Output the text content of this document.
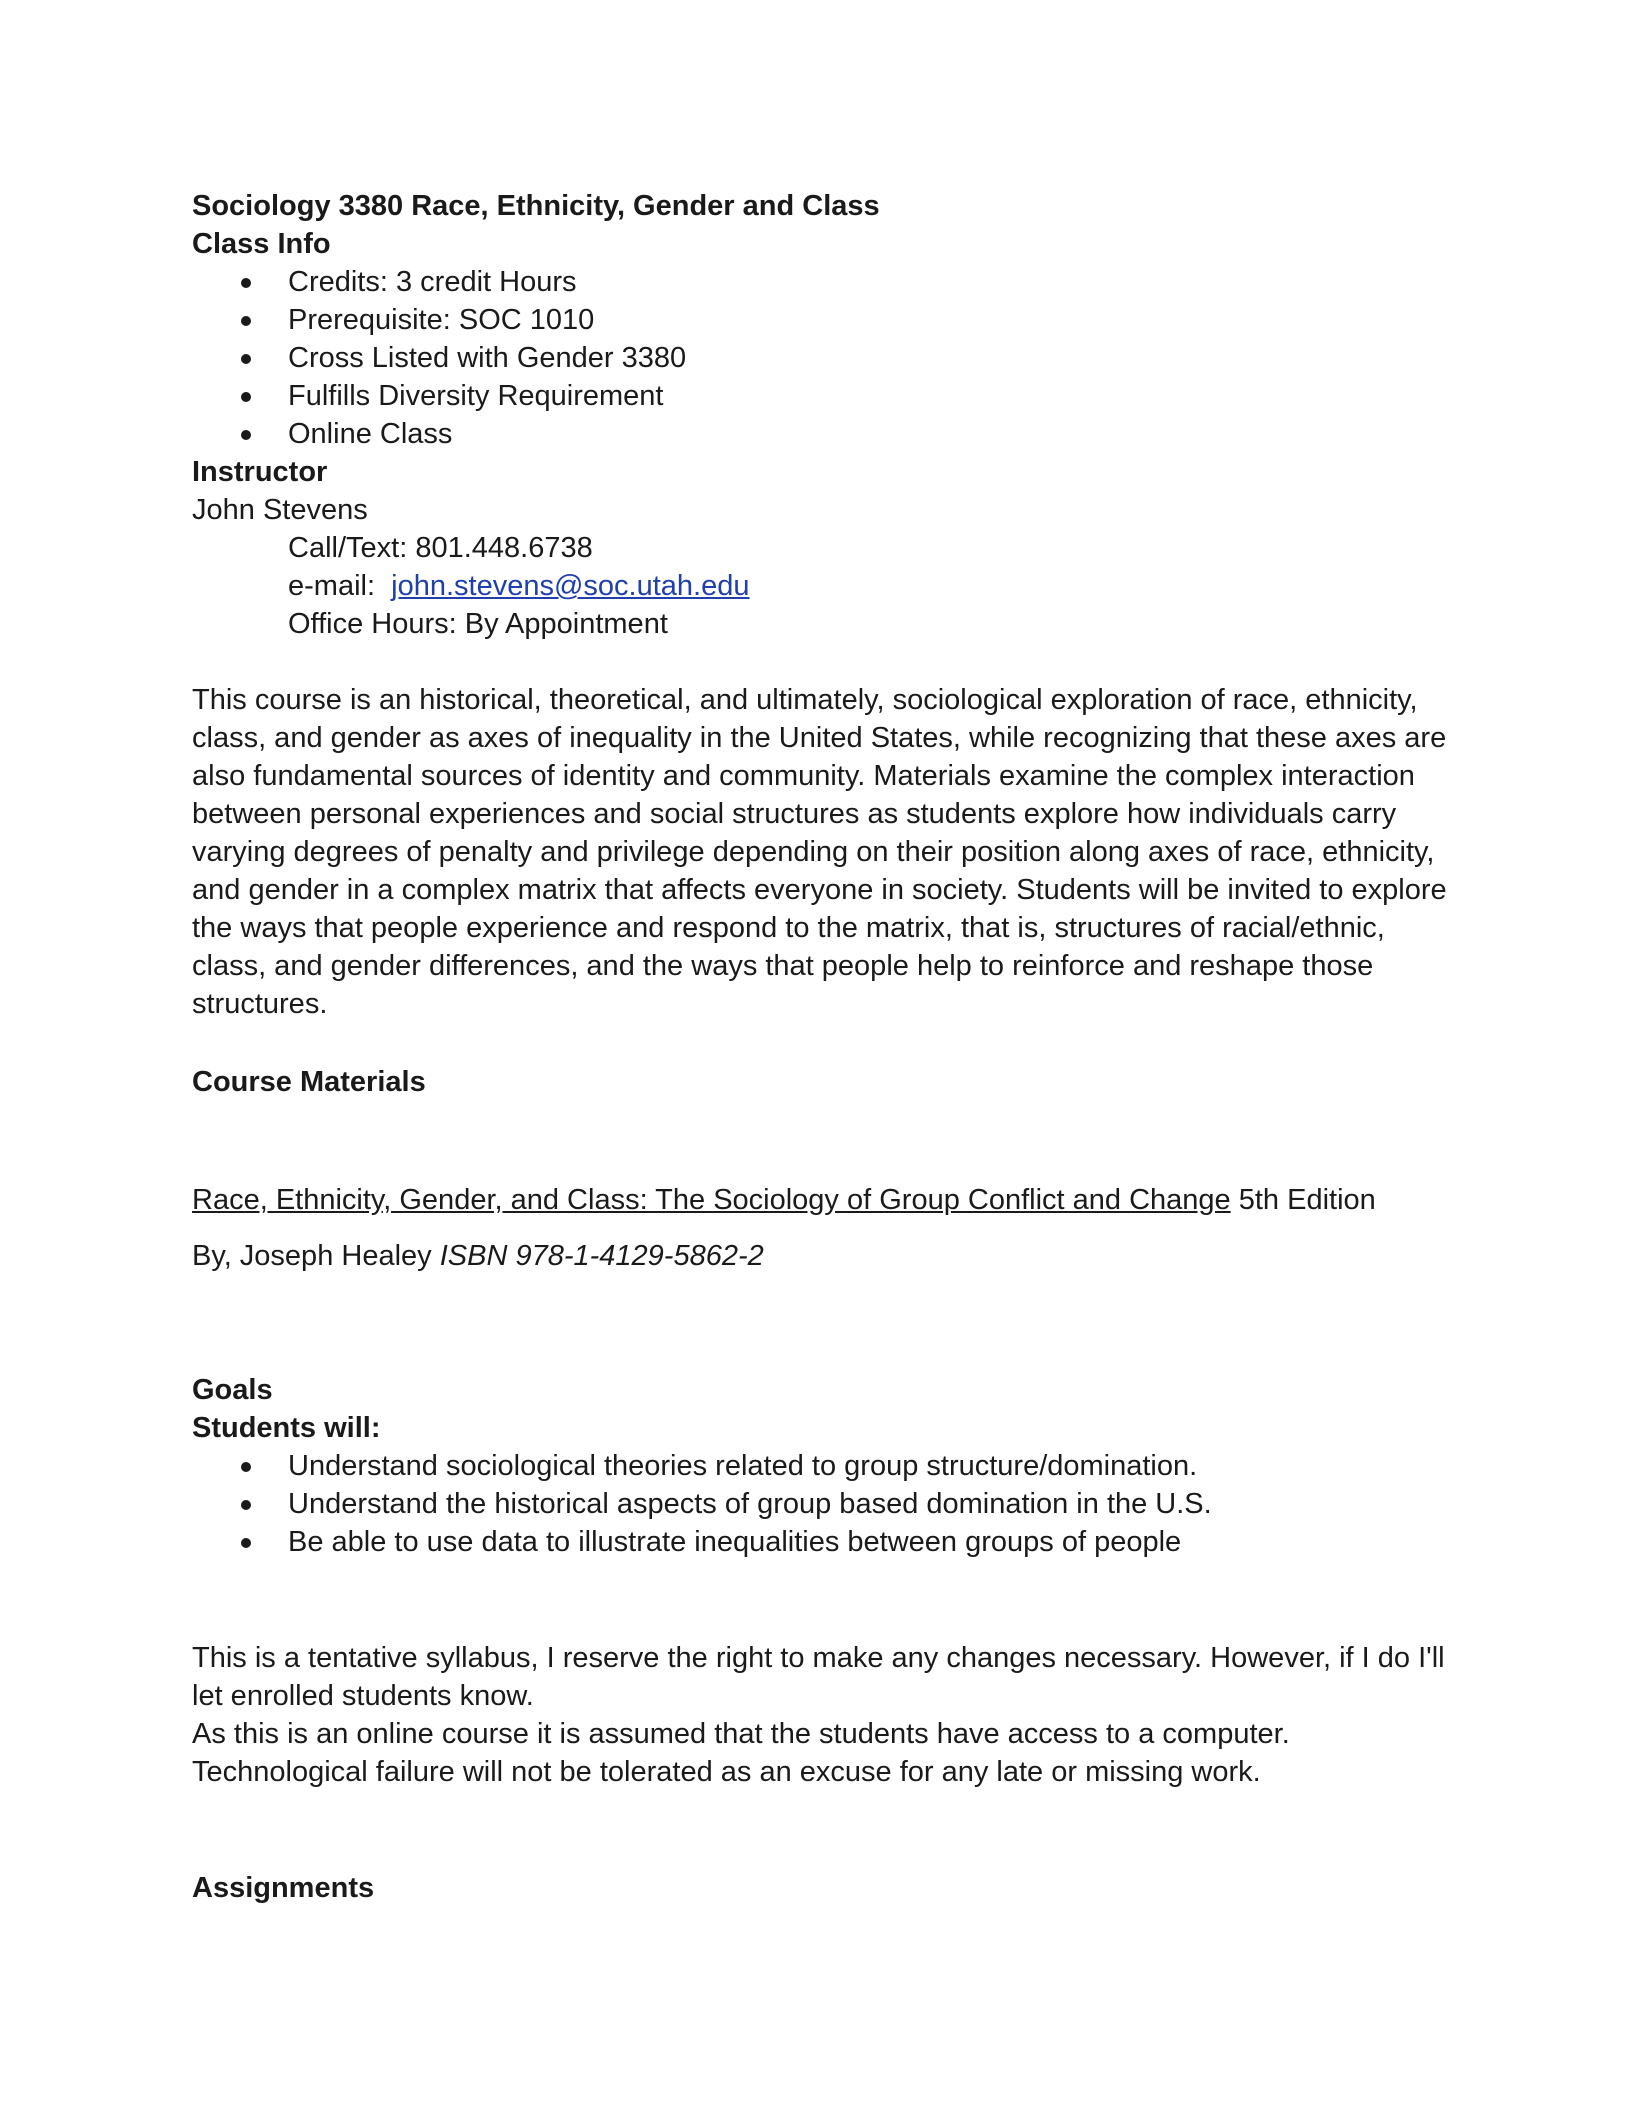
Sociology 3380 Race, Ethnicity, Gender and Class
Class Info
Credits: 3 credit Hours
Prerequisite: SOC 1010
Cross Listed with Gender 3380
Fulfills Diversity Requirement
Online Class
Instructor
John Stevens
Call/Text: 801.448.6738
e-mail: john.stevens@soc.utah.edu
Office Hours: By Appointment
This course is an historical, theoretical, and ultimately, sociological exploration of race, ethnicity, class, and gender as axes of inequality in the United States, while recognizing that these axes are also fundamental sources of identity and community. Materials examine the complex interaction between personal experiences and social structures as students explore how individuals carry varying degrees of penalty and privilege depending on their position along axes of race, ethnicity, and gender in a complex matrix that affects everyone in society. Students will be invited to explore the ways that people experience and respond to the matrix, that is, structures of racial/ethnic, class, and gender differences, and the ways that people help to reinforce and reshape those structures.
Course Materials
Race, Ethnicity, Gender, and Class: The Sociology of Group Conflict and Change 5th Edition
By, Joseph Healey ISBN 978-1-4129-5862-2
Goals
Students will:
Understand sociological theories related to group structure/domination.
Understand the historical aspects of group based domination in the U.S.
Be able to use data to illustrate inequalities between groups of people
This is a tentative syllabus, I reserve the right to make any changes necessary. However, if I do I'll let enrolled students know.
As this is an online course it is assumed that the students have access to a computer. Technological failure will not be tolerated as an excuse for any late or missing work.
Assignments
